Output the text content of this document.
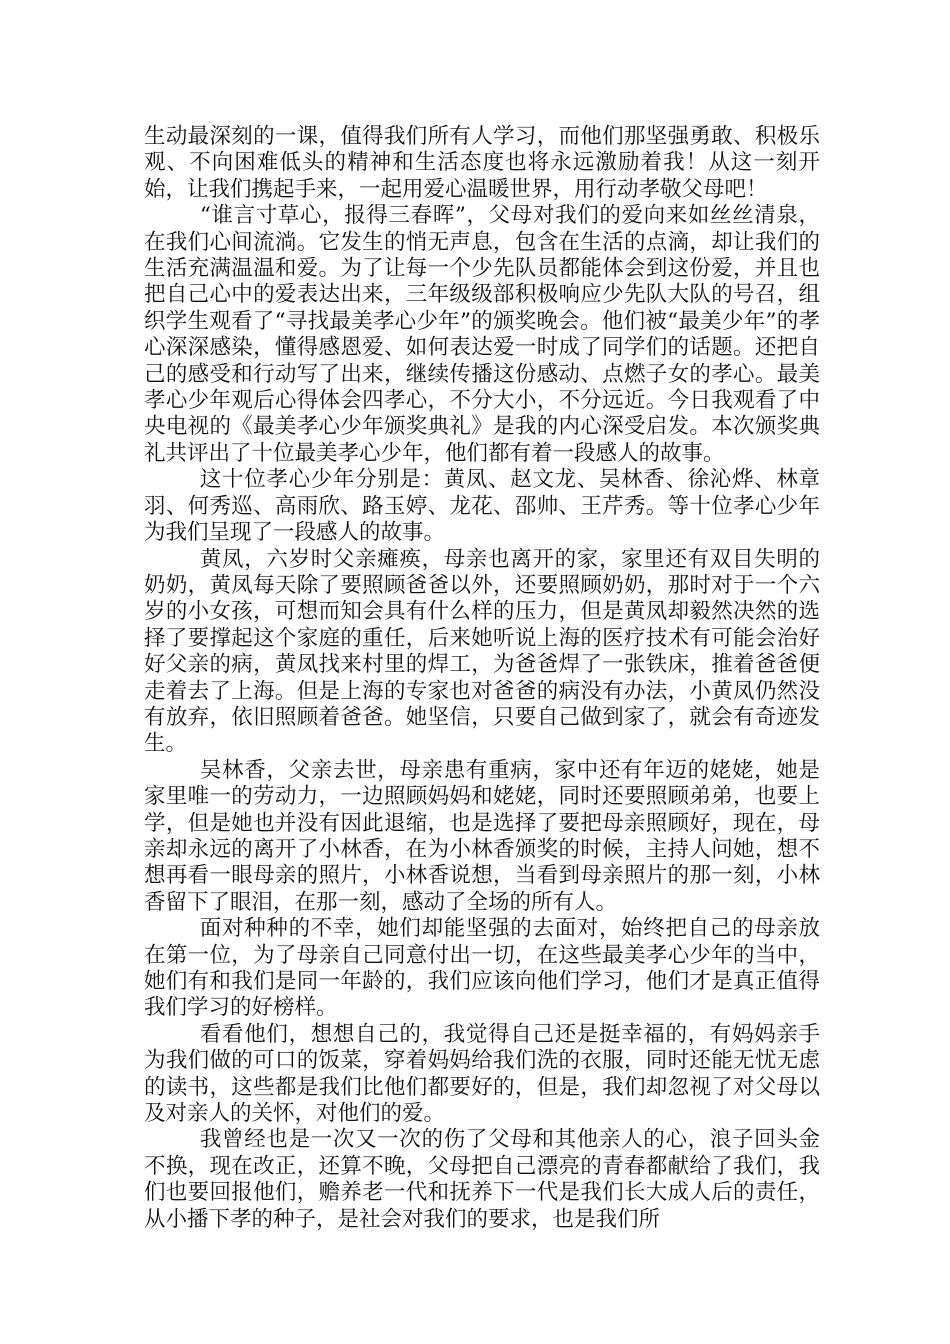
生动最深刻的一课，值得我们所有人学习，而他们那坚强勇敢、积极乐观、不向困难低头的精神和生活态度也将永远激励着我！从这一刻开始，让我们携起手来，一起用爱心温暖世界，用行动孝敬父母吧！

“谁言寸草心，报得三春晖”，父母对我们的爱向来如丝丝清泉，在我们心间流淌。它发生的悄无声息，包含在生活的点滴，却让我们的生活充满温温和爱。为了让每一个少先队员都能体会到这份爱，并且也把自己心中的爱表达出来，三年级级部积极响应少先队大队的号召，组织学生观看了“寻找最美孝心少年”的颁奖晚会。他们被“最美少年”的孝心深深感染，懂得感恩爱、如何表达爱一时成了同学们的话题。还把自己的感受和行动写了出来，继续传播这份感动、点燃子女的孝心。最美孝心少年观后心得体会四孝心，不分大小，不分远近。今日我观看了中央电视的《最美孝心少年颁奖典礼》是我的内心深受启发。本次颁奖典礼共评出了十位最美孝心少年，他们都有着一段感人的故事。

这十位孝心少年分别是：黄凤、赵文龙、吴林香、徐沁烨、林章羽、何秀巡、高雨欣、路玉婷、龙花、邵帅、王芹秀。等十位孝心少年为我们呈现了一段感人的故事。

黄凤，六岁时父亲瘫痪，母亲也离开的家，家里还有双目失明的奶奶，黄凤每天除了要照顾爸爸以外，还要照顾奶奶，那时对于一个六岁的小女孩，可想而知会具有什么样的压力，但是黄凤却毅然决然的选择了要撑起这个家庭的重任，后来她听说上海的医疗技术有可能会治好好父亲的病，黄凤找来村里的焊工，为爸爸焊了一张铁床，推着爸爸便走着去了上海。但是上海的专家也对爸爸的病没有办法，小黄凤仍然没有放弃，依旧照顾着爸爸。她坚信，只要自己做到家了，就会有奇迹发生。

吴林香，父亲去世，母亲患有重病，家中还有年迈的姥姥，她是家里唯一的劳动力，一边照顾妈妈和姥姥，同时还要照顾弟弟，也要上学，但是她也并没有因此退缩，也是选择了要把母亲照顾好，现在，母亲却永远的离开了小林香，在为小林香颁奖的时候，主持人问她，想不想再看一眼母亲的照片，小林香说想，当看到母亲照片的那一刻，小林香留下了眼泪，在那一刻，感动了全场的所有人。

面对种种的不幸，她们却能坚强的去面对，始终把自己的母亲放在第一位，为了母亲自己同意付出一切，在这些最美孝心少年的当中，她们有和我们是同一年龄的，我们应该向他们学习，他们才是真正值得我们学习的好榜样。

看看他们，想想自己的，我觉得自己还是挺幸福的，有妈妈亲手为我们做的可口的饭菜，穿着妈妈给我们洗的衣服，同时还能无忧无虑的读书，这些都是我们比他们都要好的，但是，我们却忽视了对父母以及对亲人的关怀，对他们的爱。

我曾经也是一次又一次的伤了父母和其他亲人的心，浪子回头金不换，现在改正，还算不晚，父母把自己漂亮的青春都献给了我们，我们也要回报他们，赡养老一代和抚养下一代是我们长大成人后的责任，从小播下孝的种子，是社会对我们的要求，也是我们所
